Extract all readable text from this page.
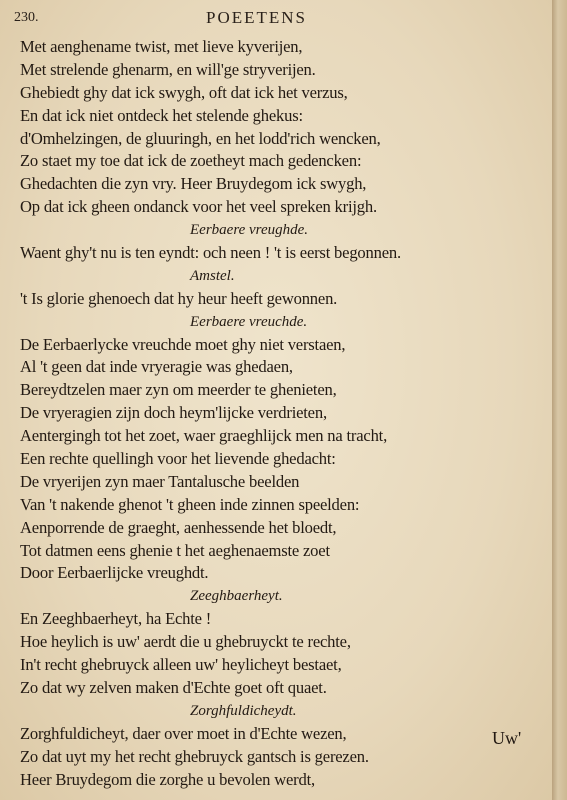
230.	POEETENS
Met aenghename twist, met lieve kyverijen,
Met strelende ghenarm, en will'ge stryverijen.
Ghebiedt ghy dat ick swygh, oft dat ick het verzus,
En dat ick niet ontdeck het stelende ghekus:
d'Omhelzingen, de gluuringh, en het lodd'rich wencken,
Zo staet my toe dat ick de zoetheyt mach gedencken:
Ghedachten die zyn vry. Heer Bruydegom ick swygh,
Op dat ick gheen ondanck voor het veel spreken krijgh.
Eerbaere vreughde.
Waent ghy't nu is ten eyndt: och neen ! 't is eerst begonnen.
Amstel.
't Is glorie ghenoech dat hy heur heeft gewonnen.
Eerbaere vreuchde.
De Eerbaerlycke vreuchde moet ghy niet verstaen,
Al 't geen dat inde vryeragie was ghedaen,
Bereydtzelen maer zyn om meerder te ghenieten,
De vryeragien zijn doch heym'lijcke verdrieten,
Aentergingh tot het zoet, waer graeghlijck men na tracht,
Een rechte quellingh voor het lievende ghedacht:
De vryerijen zyn maer Tantalusche beelden
Van 't nakende ghenot 't gheen inde zinnen speelden:
Aenporrende de graeght, aenhessende het bloedt,
Tot datmen eens ghenie t het aeghenaemste zoet
Door Eerbaerlijcke vreughdt.
Zeeghbaerheyt.
En Zeeghbaerheyt, ha Echte !
Hoe heylich is uw' aerdt die u ghebruyckt te rechte,
In't recht ghebruyck alleen uw' heylicheyt bestaet,
Zo dat wy zelven maken d'Echte goet oft quaet.
Zorghfuldicheydt.
Zorghfuldicheyt, daer over moet in d'Echte wezen,
Zo dat uyt my het recht ghebruyck gantsch is gerezen.
Heer Bruydegom die zorghe u bevolen werdt,
Uw'
